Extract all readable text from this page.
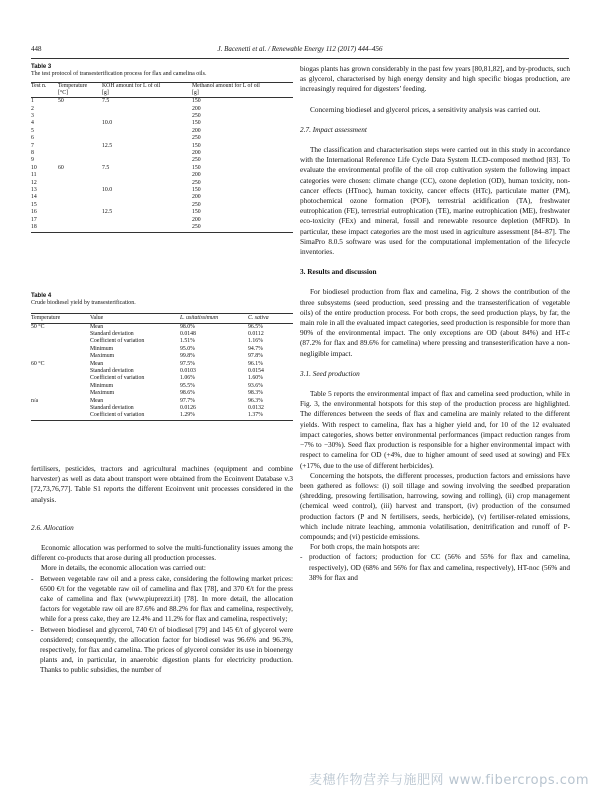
448	J. Bacenetti et al. / Renewable Energy 112 (2017) 444–456
Table 3
The test protocol of transesterification process for flax and camelina oils.
Test n.	Temperature	KOH amount for L of oil	Methanol amount for L of oil
	[°C]	[g]	[g]
1	50	7.5	150
2			200
3			250
4		10.0	150
5			200
6			250
7		12.5	150
8			200
9			250
10	60	7.5	150
11			200
12			250
13		10.0	150
14			200
15			250
16		12.5	150
17			200
18			250
Table 4
Crude biodiesel yield by transesterification.
Temperature	Value	L. usitatissimum	C. sativa
50 °C	Mean	98.0%	96.5%
	Standard deviation	0.0148	0.0112
	Coefficient of variation	1.51%	1.16%
	Minimum	95.0%	94.7%
	Maximum	99.8%	97.8%
60 °C	Mean	97.5%	96.1%
	Standard deviation	0.0103	0.0154
	Coefficient of variation	1.06%	1.60%
	Minimum	95.5%	93.6%
	Maximum	98.6%	98.3%
n/a	Mean	97.7%	96.3%
	Standard deviation	0.0126	0.0132
	Coefficient of variation	1.29%	1.37%

fertilisers, pesticides, tractors and agricultural machines (equipment and combine harvester) as well as data about transport were obtained from the Ecoinvent Database v.3 [72,73,76,77]. Table S1 reports the different Ecoinvent unit processes considered in the analysis.

2.6. Allocation

Economic allocation was performed to solve the multi-functionality issues among the different co-products that arose during all production processes.

More in details, the economic allocation was carried out:

- Between vegetable raw oil and a press cake, considering the following market prices: 6500 €/t for the vegetable raw oil of camelina and flax [78], and 370 €/t for the press cake of camelina and flax (www.piuprezzi.it) [78]. In more detail, the allocation factors for vegetable raw oil are 87.6% and 88.2% for flax and camelina, respectively, while for a press cake, they are 12.4% and 11.2% for flax and camelina, respectively;
- Between biodiesel and glycerol, 740 €/t of biodiesel [79] and 145 €/t of glycerol were considered; consequently, the allocation factor for biodiesel was 96.6% and 96.3%, respectively, for flax and camelina. The prices of glycerol consider its use in bioenergy plants and, in particular, in anaerobic digestion plants for electricity production. Thanks to public subsidies, the number of

biogas plants has grown considerably in the past few years [80,81,82], and by-products, such as glycerol, characterised by high energy density and high specific biogas production, are increasingly required for digesters’ feeding.

Concerning biodiesel and glycerol prices, a sensitivity analysis was carried out.

2.7. Impact assessment

The classification and characterisation steps were carried out in this study in accordance with the International Reference Life Cycle Data System ILCD-composed method [83]. To evaluate the environmental profile of the oil crop cultivation system the following impact categories were chosen: climate change (CC), ozone depletion (OD), human toxicity, non-cancer effects (HTnoc), human toxicity, cancer effects (HTc), particulate matter (PM), photochemical ozone formation (POF), terrestrial acidification (TA), freshwater eutrophication (FE), terrestrial eutrophication (TE), marine eutrophication (ME), freshwater eco-toxicity (FEx) and mineral, fossil and renewable resource depletion (MFRD). In particular, these impact categories are the most used in agriculture assessment [84–87]. The SimaPro 8.0.5 software was used for the computational implementation of the lifecycle inventories.

3. Results and discussion

For biodiesel production from flax and camelina, Fig. 2 shows the contribution of the three subsystems (seed production, seed pressing and the transesterification of vegetable oils) of the entire production process. For both crops, the seed production plays, by far, the main role in all the evaluated impact categories, seed production is responsible for more than 90% of the environmental impact. The only exceptions are OD (about 84%) and HT-c (87.2% for flax and 89.6% for camelina) where pressing and transesterification have a non-negligible impact.

3.1. Seed production

Table 5 reports the environmental impact of flax and camelina seed production, while in Fig. 3, the environmental hotspots for this step of the production process are highlighted. The differences between the seeds of flax and camelina are mainly related to the different yields. With respect to camelina, flax has a higher yield and, for 10 of the 12 evaluated impact categories, shows better environmental performances (impact reduction ranges from −7% to −30%). Seed flax production is responsible for a higher environmental impact with respect to camelina for OD (+4%, due to higher amount of seed used at sowing) and FEx (+17%, due to the use of different herbicides).

Concerning the hotspots, the different processes, production factors and emissions have been gathered as follows: (i) soil tillage and sowing involving the seedbed preparation (shredding, presowing fertilisation, harrowing, sowing and rolling), (ii) crop management (chemical weed control), (iii) harvest and transport, (iv) production of the consumed production factors (P and N fertilisers, seeds, herbicide), (v) fertiliser-related emissions, which include nitrate leaching, ammonia volatilisation, denitrification and runoff of P-compounds; and (vi) pesticide emissions.

For both crops, the main hotspots are:

- production of factors; production for CC (56% and 55% for flax and camelina, respectively), OD (68% and 56% for flax and camelina, respectively), HT-noc (56% and 38% for flax and
麦穗作物营养与施肥网 www.fibercrops.com
